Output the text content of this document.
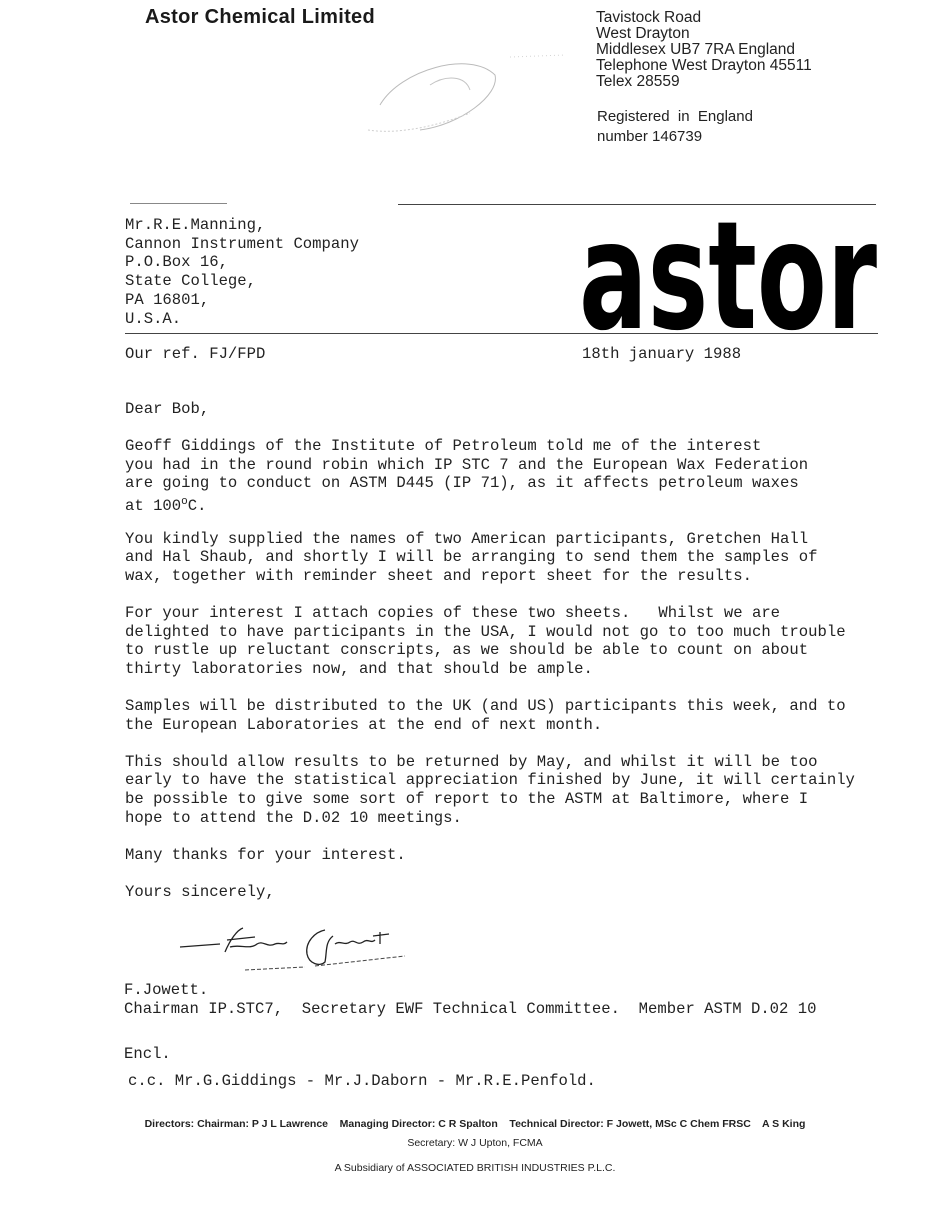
Astor Chemical Limited	Tavistock Road
West Drayton
Middlesex UB7 7RA England
Telephone West Drayton 45511
Telex 28559
Registered  in  England
number 146739
Mr.R.E.Manning,
Cannon Instrument Company
P.O.Box 16,
State College,
PA 16801,
U.S.A.	astor
Our ref. FJ/FPD	18th january 1988

Dear Bob,

Geoff Giddings of the Institute of Petroleum told me of the interest
you had in the round robin which IP STC 7 and the European Wax Federation
are going to conduct on ASTM D445 (IP 71), as it affects petroleum waxes
at 100$^o$C.

You kindly supplied the names of two American participants, Gretchen Hall
and Hal Shaub, and shortly I will be arranging to send them the samples of
wax, together with reminder sheet and report sheet for the results.

For your interest I attach copies of these two sheets.   Whilst we are
delighted to have participants in the USA, I would not go to too much trouble
to rustle up reluctant conscripts, as we should be able to count on about
thirty laboratories now, and that should be ample.

Samples will be distributed to the UK (and US) participants this week, and to
the European Laboratories at the end of next month.

This should allow results to be returned by May, and whilst it will be too
early to have the statistical appreciation finished by June, it will certainly
be possible to give some sort of report to the ASTM at Baltimore, where I
hope to attend the D.02 10 meetings.

Many thanks for your interest.

Yours sincerely,

F.Jowett.
Chairman IP.STC7,  Secretary EWF Technical Committee.  Member ASTM D.02 10
Encl.
c.c. Mr.G.Giddings - Mr.J.Daborn - Mr.R.E.Penfold.
Directors: Chairman: P J L Lawrence    Managing Director: C R Spalton    Technical Director: F Jowett, MSc C Chem FRSC    A S King
Secretary: W J Upton, FCMA
A Subsidiary of ASSOCIATED BRITISH INDUSTRIES P.L.C.
